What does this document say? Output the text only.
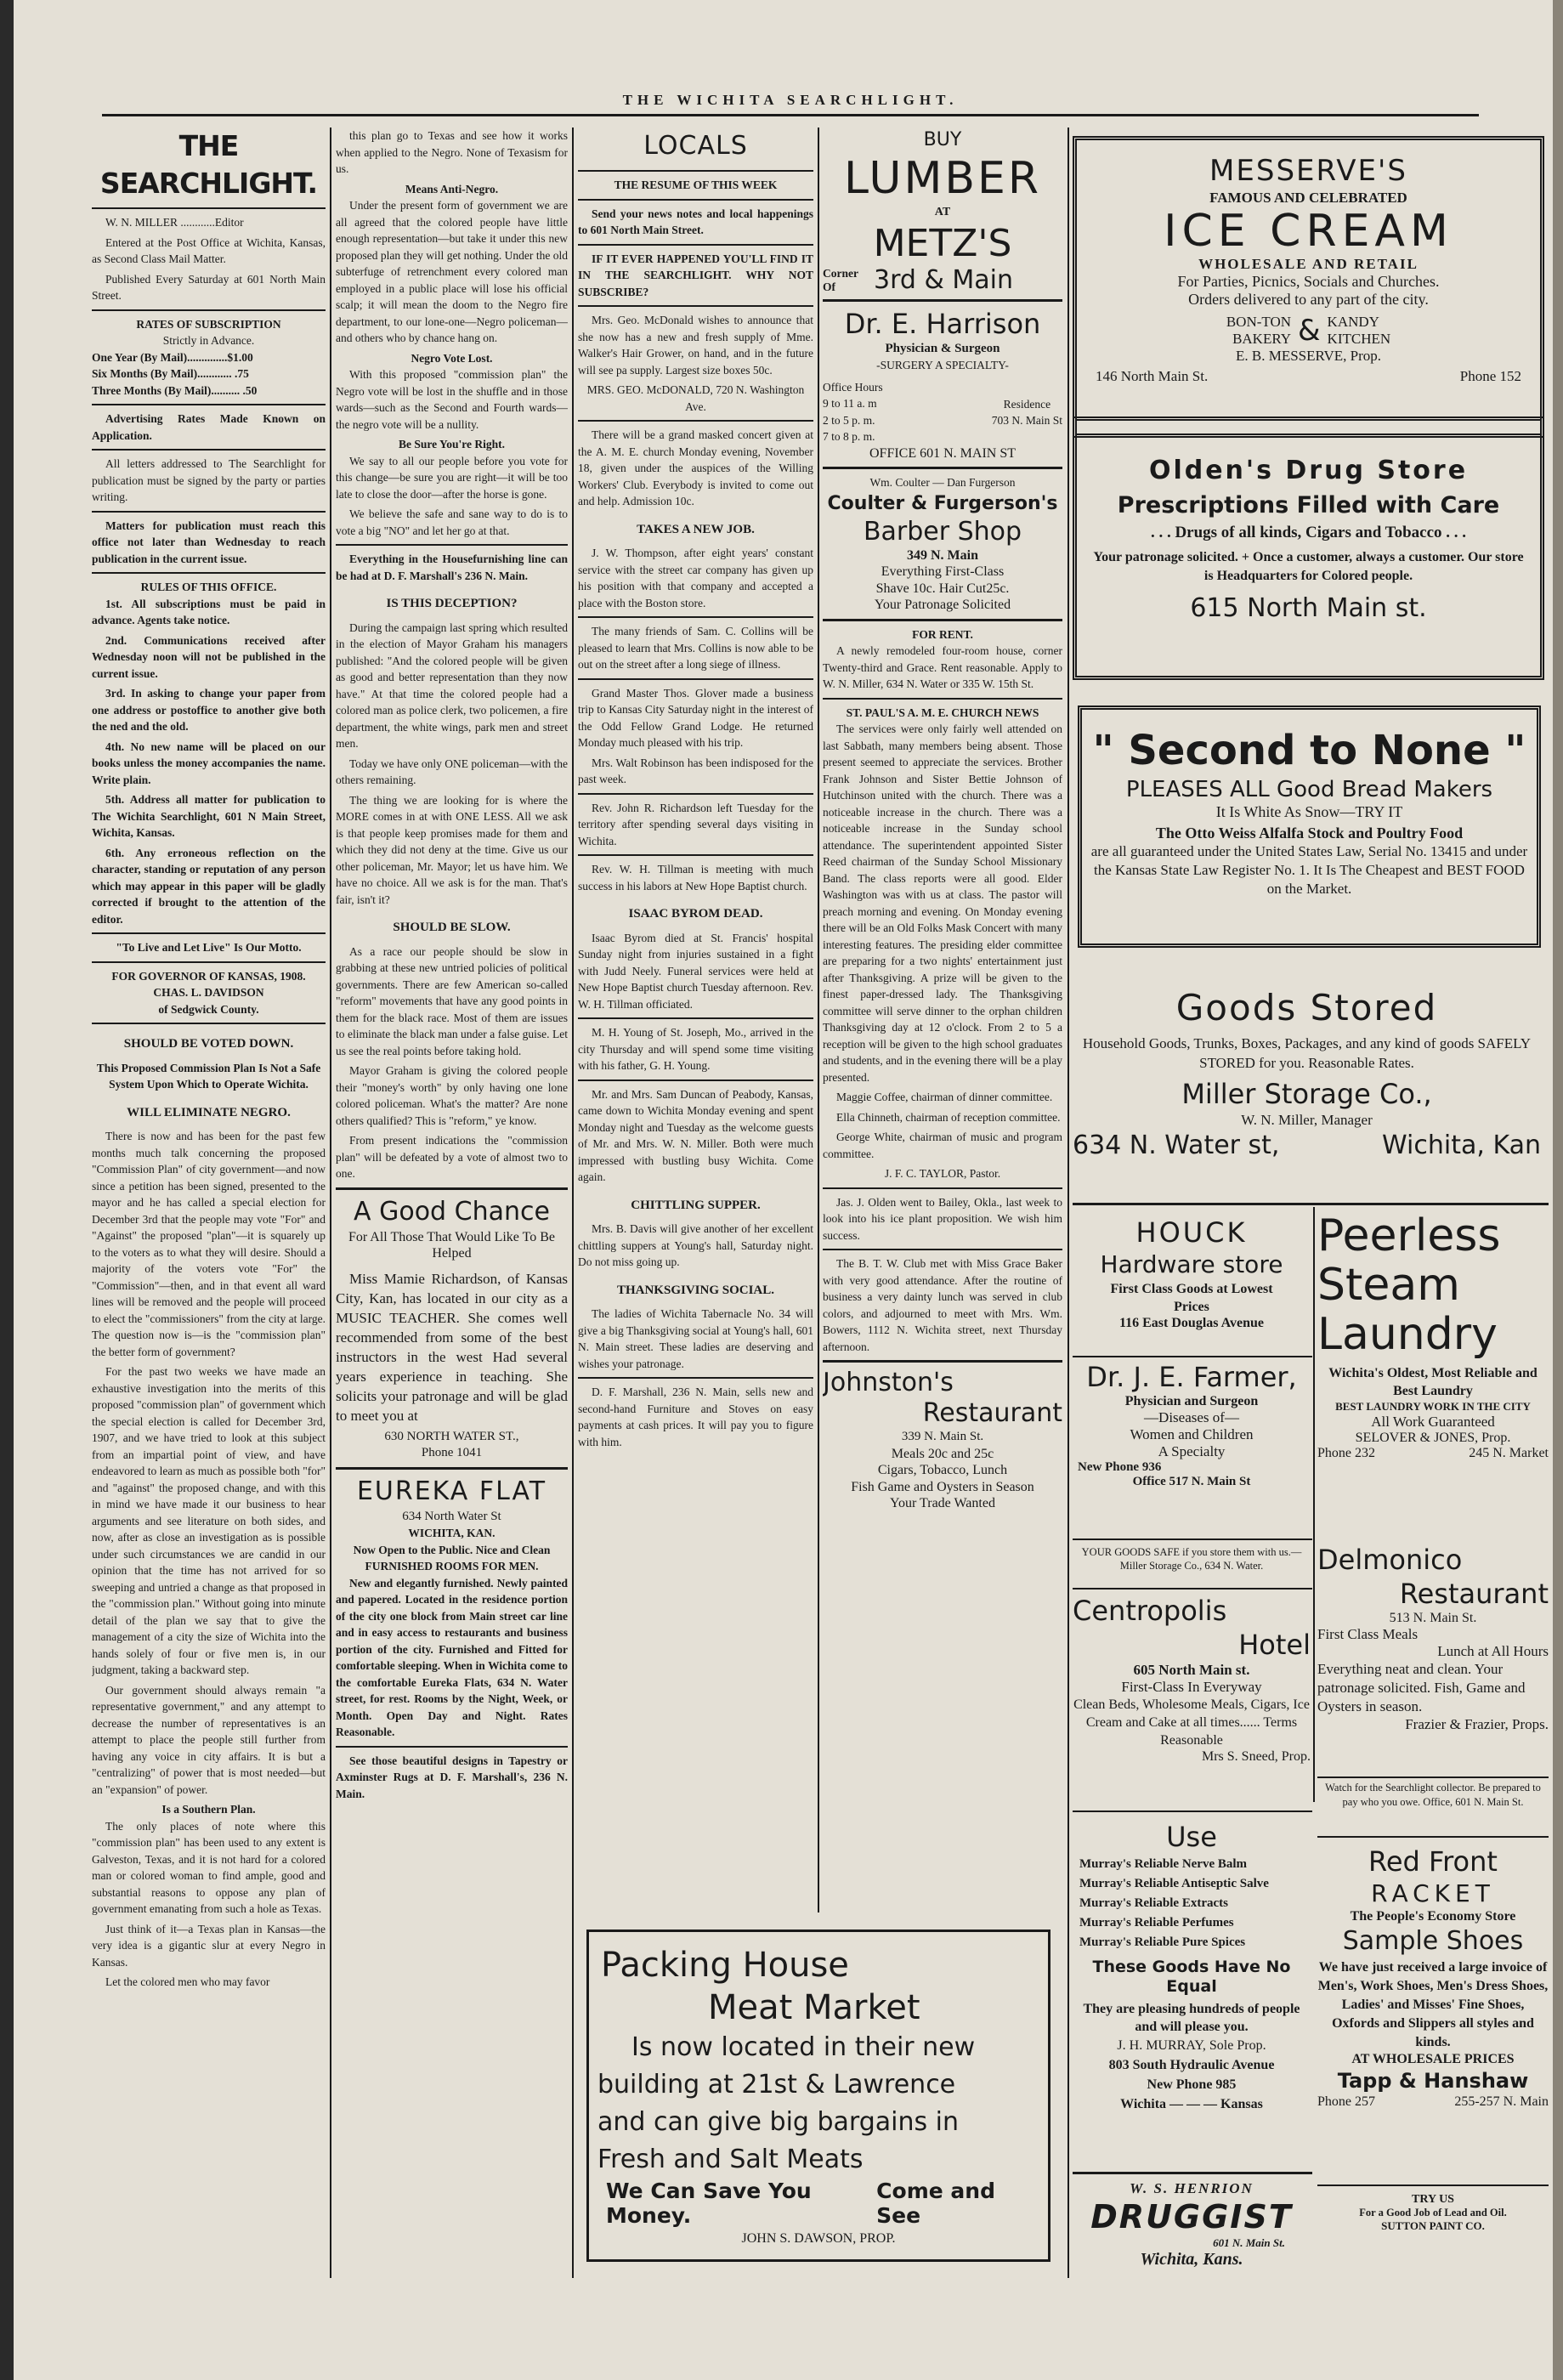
THE WICHITA SEARCHLIGHT.
THE SEARCHLIGHT.

W. N. MILLER ............Editor

Entered at the Post Office at Wichita, Kansas, as Second Class Mail Matter.

Published Every Saturday at 601 North Main Street.

RATES OF SUBSCRIPTION
Strictly in Advance.
One Year (By Mail)..............$1.00
Six Months (By Mail)............ .75
Three Months (By Mail).......... .50

Advertising Rates Made Known on Application.

All letters addressed to The Searchlight for publication must be signed by the party or parties writing.

Matters for publication must reach this office not later than Wednesday to reach publication in the current issue.

RULES OF THIS OFFICE.

1st. All subscriptions must be paid in advance. Agents take notice.

2nd. Communications received after Wednesday noon will not be published in the current issue.

3rd. In asking to change your paper from one address or postoffice to another give both the ned and the old.

4th. No new name will be placed on our books unless the money accompanies the name. Write plain.

5th. Address all matter for publication to The Wichita Searchlight, 601 N Main Street, Wichita, Kansas.

6th. Any erroneous reflection on the character, standing or reputation of any person which may appear in this paper will be gladly corrected if brought to the attention of the editor.

"To Live and Let Live" Is Our Motto.
FOR GOVERNOR OF KANSAS, 1908.
CHAS. L. DAVIDSON
of Sedgwick County.
SHOULD BE VOTED DOWN.
This Proposed Commission Plan Is Not a Safe System Upon Which to Operate Wichita.
WILL ELIMINATE NEGRO.

There is now and has been for the past few months much talk concerning the proposed "Commission Plan" of city government—and now since a petition has been signed, presented to the mayor and he has called a special election for December 3rd that the people may vote "For" and "Against" the proposed "plan"—it is squarely up to the voters as to what they will desire. Should a majority of the voters vote "For" the "Commission"—then, and in that event all ward lines will be removed and the people will proceed to elect the "commissioners" from the city at large. The question now is—is the "commission plan" the better form of government?

For the past two weeks we have made an exhaustive investigation into the merits of this proposed "commission plan" of government which the special election is called for December 3rd, 1907, and we have tried to look at this subject from an impartial point of view, and have endeavored to learn as much as possible both "for" and "against" the proposed change, and with this in mind we have made it our business to hear arguments and see literature on both sides, and now, after as close an investigation as is possible under such circumstances we are candid in our opinion that the time has not arrived for so sweeping and untried a change as that proposed in the "commission plan." Without going into minute detail of the plan we say that to give the management of a city the size of Wichita into the hands solely of four or five men is, in our judgment, taking a backward step.

Our government should always remain "a representative government," and any attempt to decrease the number of representatives is an attempt to place the people still further from having any voice in city affairs. It is but a "centralizing" of power that is most needed—but an "expansion" of power.

Is a Southern Plan.

The only places of note where this "commission plan" has been used to any extent is Galveston, Texas, and it is not hard for a colored man or colored woman to find ample, good and substantial reasons to oppose any plan of government emanating from such a hole as Texas.

Just think of it—a Texas plan in Kansas—the very idea is a gigantic slur at every Negro in Kansas.

Let the colored men who may favor

this plan go to Texas and see how it works when applied to the Negro. None of Texasism for us.

Means Anti-Negro.

Under the present form of government we are all agreed that the colored people have little enough representation—but take it under this new proposed plan they will get nothing. Under the old subterfuge of retrenchment every colored man employed in a public place will lose his official scalp; it will mean the doom to the Negro fire department, to our lone-one—Negro policeman—and others who by chance hang on.

Negro Vote Lost.

With this proposed "commission plan" the Negro vote will be lost in the shuffle and in those wards—such as the Second and Fourth wards—the negro vote will be a nullity.

Be Sure You're Right.

We say to all our people before you vote for this change—be sure you are right—it will be too late to close the door—after the horse is gone.

We believe the safe and sane way to do is to vote a big "NO" and let her go at that.

Everything in the Housefurnishing line can be had at D. F. Marshall's 236 N. Main.

IS THIS DECEPTION?

During the campaign last spring which resulted in the election of Mayor Graham his managers published: "And the colored people will be given as good and better representation than they now have." At that time the colored people had a colored man as police clerk, two policemen, a fire department, the white wings, park men and street men.

Today we have only ONE policeman—with the others remaining.

The thing we are looking for is where the MORE comes in at with ONE LESS. All we ask is that people keep promises made for them and which they did not deny at the time. Give us our other policeman, Mr. Mayor; let us have him. We have no choice. All we ask is for the man. That's fair, isn't it?

SHOULD BE SLOW.

As a race our people should be slow in grabbing at these new untried policies of political governments. There are few American so-called "reform" movements that have any good points in them for the black race. Most of them are issues to eliminate the black man under a false guise. Let us see the real points before taking hold.

Mayor Graham is giving the colored people their "money's worth" by only having one lone colored policeman. What's the matter? Are none others qualified? This is "reform," ye know.

From present indications the "commission plan" will be defeated by a vote of almost two to one.

A Good Chance
For All Those That Would Like To Be Helped

Miss Mamie Richardson, of Kansas City, Kan, has located in our city as a MUSIC TEACHER. She comes well recommended from some of the best instructors in the west Had several years experience in teaching. She solicits your patronage and will be glad to meet you at

630 NORTH WATER ST.,
Phone 1041
EUREKA FLAT
634 North Water St
WICHITA, KAN.
Now Open to the Public. Nice and Clean FURNISHED ROOMS FOR MEN.

New and elegantly furnished. Newly painted and papered. Located in the residence portion of the city one block from Main street car line and in easy access to restaurants and business portion of the city. Furnished and Fitted for comfortable sleeping. When in Wichita come to the comfortable Eureka Flats, 634 N. Water street, for rest. Rooms by the Night, Week, or Month. Open Day and Night. Rates Reasonable.

See those beautiful designs in Tapestry or Axminster Rugs at D. F. Marshall's, 236 N. Main.

LOCALS
THE RESUME OF THIS WEEK

Send your news notes and local happenings to 601 North Main Street.

IF IT EVER HAPPENED YOU'LL FIND IT IN THE SEARCHLIGHT. WHY NOT SUBSCRIBE?

Mrs. Geo. McDonald wishes to announce that she now has a new and fresh supply of Mme. Walker's Hair Grower, on hand, and in the future will see pa supply. Largest size boxes 50c.

MRS. GEO. McDONALD, 720 N. Washington Ave.

There will be a grand masked concert given at the A. M. E. church Monday evening, November 18, given under the auspices of the Willing Workers' Club. Everybody is invited to come out and help. Admission 10c.

TAKES A NEW JOB.

J. W. Thompson, after eight years' constant service with the street car company has given up his position with that company and accepted a place with the Boston store.

The many friends of Sam. C. Collins will be pleased to learn that Mrs. Collins is now able to be out on the street after a long siege of illness.

Grand Master Thos. Glover made a business trip to Kansas City Saturday night in the interest of the Odd Fellow Grand Lodge. He returned Monday much pleased with his trip.

Mrs. Walt Robinson has been indisposed for the past week.

Rev. John R. Richardson left Tuesday for the territory after spending several days visiting in Wichita.

Rev. W. H. Tillman is meeting with much success in his labors at New Hope Baptist church.

ISAAC BYROM DEAD.

Isaac Byrom died at St. Francis' hospital Sunday night from injuries sustained in a fight with Judd Neely. Funeral services were held at New Hope Baptist church Tuesday afternoon. Rev. W. H. Tillman officiated.

M. H. Young of St. Joseph, Mo., arrived in the city Thursday and will spend some time visiting with his father, G. H. Young.

Mr. and Mrs. Sam Duncan of Peabody, Kansas, came down to Wichita Monday evening and spent Monday night and Tuesday as the welcome guests of Mr. and Mrs. W. N. Miller. Both were much impressed with bustling busy Wichita. Come again.

CHITTLING SUPPER.

Mrs. B. Davis will give another of her excellent chittling suppers at Young's hall, Saturday night. Do not miss going up.

THANKSGIVING SOCIAL.

The ladies of Wichita Tabernacle No. 34 will give a big Thanksgiving social at Young's hall, 601 N. Main street. These ladies are deserving and wishes your patronage.

D. F. Marshall, 236 N. Main, sells new and second-hand Furniture and Stoves on easy payments at cash prices. It will pay you to figure with him.

BUY
LUMBER
AT
METZ'S
Corner Of	3rd & Main
Dr. E. Harrison
Physician & Surgeon
-SURGERY A SPECIALTY-
Office Hours
9 to 11 a. m
2 to 5 p. m.
7 to 8 p. m.
Residence
703 N. Main St
OFFICE 601 N. MAIN ST
Wm. Coulter — Dan Furgerson
Coulter & Furgerson's
Barber Shop
349 N. Main
Everything First-Class
Shave 10c. Hair Cut25c.
Your Patronage Solicited
FOR RENT.

A newly remodeled four-room house, corner Twenty-third and Grace. Rent reasonable. Apply to W. N. Miller, 634 N. Water or 335 W. 15th St.

ST. PAUL'S A. M. E. CHURCH NEWS

The services were only fairly well attended on last Sabbath, many members being absent. Those present seemed to appreciate the services. Brother Frank Johnson and Sister Bettie Johnson of Hutchinson united with the church. There was a noticeable increase in the church. There was a noticeable increase in the Sunday school attendance. The superintendent appointed Sister Reed chairman of the Sunday School Missionary Band. The class reports were all good. Elder Washington was with us at class. The pastor will preach morning and evening. On Monday evening there will be an Old Folks Mask Concert with many interesting features. The presiding elder committee are preparing for a two nights' entertainment just after Thanksgiving. A prize will be given to the finest paper-dressed lady. The Thanksgiving committee will serve dinner to the orphan children Thanksgiving day at 12 o'clock. From 2 to 5 a reception will be given to the high school graduates and students, and in the evening there will be a play presented.

Maggie Coffee, chairman of dinner committee.

Ella Chinneth, chairman of reception committee.

George White, chairman of music and program committee.

J. F. C. TAYLOR, Pastor.

Jas. J. Olden went to Bailey, Okla., last week to look into his ice plant proposition. We wish him success.

The B. T. W. Club met with Miss Grace Baker with very good attendance. After the routine of business a very dainty lunch was served in club colors, and adjourned to meet with Mrs. Wm. Bowers, 1112 N. Wichita street, next Thursday afternoon.

Johnston's
Restaurant
339 N. Main St.
Meals 20c and 25c
Cigars, Tobacco, Lunch
Fish Game and Oysters in Season
Your Trade Wanted
Packing House
Meat Market
Is now located in their new
building at 21st & Lawrence
and can give big bargains in
Fresh and Salt Meats
We Can Save You Money.
Come and See
JOHN S. DAWSON, PROP.
MESSERVE'S
FAMOUS AND CELEBRATED
ICE CREAM
WHOLESALE AND RETAIL
For Parties, Picnics, Socials and Churches.
Orders delivered to any part of the city.
BON-TON
BAKERY & KANDY
KITCHEN
E. B. MESSERVE, Prop.
146 North Main St.	Phone 152
Olden's Drug Store
Prescriptions Filled with Care
. . . Drugs of all kinds, Cigars and Tobacco . . .
Your patronage solicited. + Once a customer, always a customer. Our store is Headquarters for Colored people.
615 North Main st.
" Second to None "
PLEASES ALL Good Bread Makers
It Is White As Snow—TRY IT
The Otto Weiss Alfalfa Stock and Poultry Food
are all guaranteed under the United States Law, Serial No. 13415 and under the Kansas State Law Register No. 1. It Is The Cheapest and BEST FOOD on the Market.
Goods Stored
Household Goods, Trunks, Boxes, Packages, and any kind of goods SAFELY STORED for you. Reasonable Rates.
Miller Storage Co.,
W. N. Miller, Manager
634 N. Water st,	Wichita, Kan
HOUCK
Hardware store
First Class Goods at Lowest Prices
116 East Douglas Avenue
Peerless
Steam
Laundry
Wichita's Oldest, Most Reliable and Best Laundry
BEST LAUNDRY WORK IN THE CITY
All Work Guaranteed
SELOVER & JONES, Prop.
Phone 232	245 N. Market
Dr. J. E. Farmer,
Physician and Surgeon
—Diseases of—
Women and Children
A Specialty
New Phone 936
Office 517 N. Main St
YOUR GOODS SAFE if you store them with us.—Miller Storage Co., 634 N. Water.	Delmonico
Restaurant
513 N. Main St.
First Class Meals
Lunch at All Hours
Everything neat and clean. Your patronage solicited. Fish, Game and Oysters in season.
Frazier & Frazier, Props.
Centropolis
Hotel
605 North Main st.
First-Class In Everyway
Clean Beds, Wholesome Meals, Cigars, Ice Cream and Cake at all times...... Terms Reasonable
Mrs S. Sneed, Prop.
Watch for the Searchlight collector. Be prepared to pay who you owe. Office, 601 N. Main St.
Use
Murray's Reliable Nerve Balm
Murray's Reliable Antiseptic Salve
Murray's Reliable Extracts
Murray's Reliable Perfumes
Murray's Reliable Pure Spices
These Goods Have No Equal
They are pleasing hundreds of people and will please you.
J. H. MURRAY, Sole Prop.
803 South Hydraulic Avenue
New Phone 985
Wichita — — — Kansas
Red Front
RACKET
The People's Economy Store
Sample Shoes
We have just received a large invoice of Men's, Work Shoes, Men's Dress Shoes, Ladies' and Misses' Fine Shoes, Oxfords and Slippers all styles and kinds.
AT WHOLESALE PRICES
Tapp & Hanshaw
Phone 257	255-257 N. Main
W. S. HENRION
DRUGGIST
601 N. Main St.
Wichita, Kans.
TRY US
For a Good Job of Lead and Oil.
SUTTON PAINT CO.
